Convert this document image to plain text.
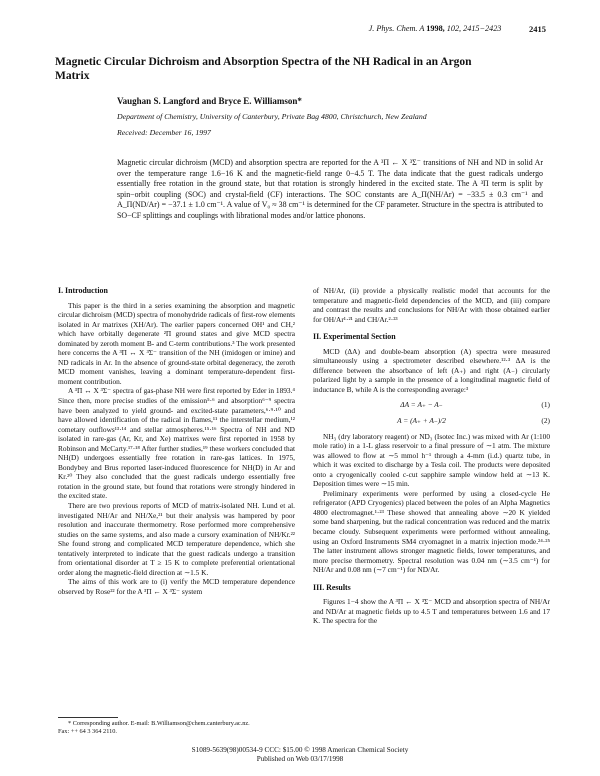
J. Phys. Chem. A 1998, 102, 2415−2423	2415
Magnetic Circular Dichroism and Absorption Spectra of the NH Radical in an Argon Matrix
Vaughan S. Langford and Bryce E. Williamson*
Department of Chemistry, University of Canterbury, Private Bag 4800, Christchurch, New Zealand
Received: December 16, 1997
Magnetic circular dichroism (MCD) and absorption spectra are reported for the A ³Π ← X ³Σ⁻ transitions of NH and ND in solid Ar over the temperature range 1.6−16 K and the magnetic-field range 0−4.5 T. The data indicate that the guest radicals undergo essentially free rotation in the ground state, but that rotation is strongly hindered in the excited state. The A ³Π term is split by spin−orbit coupling (SOC) and crystal-field (CF) interactions. The SOC constants are A_Π(NH/Ar) = −33.5 ± 0.3 cm⁻¹ and A_Π(ND/Ar) = −37.1 ± 1.0 cm⁻¹. A value of V₀ ≈ 38 cm⁻¹ is determined for the CF parameter. Structure in the spectra is attributed to SO−CF splittings and couplings with librational modes and/or lattice phonons.
I. Introduction

This paper is the third in a series examining the absorption and magnetic circular dichroism (MCD) spectra of monohydride radicals of first-row elements isolated in Ar matrixes (XH/Ar). The earlier papers concerned OH¹ and CH,² which have orbitally degenerate ²Π ground states and give MCD spectra dominated by zeroth moment B- and C-term contributions.³ The work presented here concerns the A ³Π ↔ X ³Σ⁻ transition of the NH (imidogen or imine) and ND radicals in Ar. In the absence of ground-state orbital degeneracy, the zeroth MCD moment vanishes, leaving a dominant temperature-dependent first-moment contribution.

A ³Π ↔ X ³Σ⁻ spectra of gas-phase NH were first reported by Eder in 1893.⁴ Since then, more precise studies of the emission⁵·⁶ and absorption⁶⁻⁹ spectra have been analyzed to yield ground- and excited-state parameters,⁶·⁹·¹⁰ and have allowed identification of the radical in flames,¹¹ the interstellar medium,¹² cometary outflows¹³·¹⁴ and stellar atmospheres.¹⁵·¹⁶ Spectra of NH and ND isolated in rare-gas (Ar, Kr, and Xe) matrixes were first reported in 1958 by Robinson and McCarty.¹⁷·¹⁸ After further studies,¹⁹ these workers concluded that NH(D) undergoes essentially free rotation in rare-gas lattices. In 1975, Bondybey and Brus reported laser-induced fluorescence for NH(D) in Ar and Kr.²⁰ They also concluded that the guest radicals undergo essentially free rotation in the ground state, but found that rotations were strongly hindered in the excited state.

There are two previous reports of MCD of matrix-isolated NH. Lund et al. investigated NH/Ar and NH/Xe,²¹ but their analysis was hampered by poor resolution and inaccurate thermometry. Rose performed more comprehensive studies on the same systems, and also made a cursory examination of NH/Kr.²² She found strong and complicated MCD temperature dependence, which she tentatively interpreted to indicate that the guest radicals undergo a transition from orientational disorder at T ≥ 15 K to complete preferential orientational order along the magnetic-field direction at ∼1.5 K.

The aims of this work are to (i) verify the MCD temperature dependence observed by Rose²² for the A ³Π ← X ³Σ⁻ system

of NH/Ar, (ii) provide a physically realistic model that accounts for the temperature and magnetic-field dependencies of the MCD, and (iii) compare and contrast the results and conclusions for NH/Ar with those obtained earlier for OH/Ar¹·²¹ and CH/Ar.²·²³

II. Experimental Section

MCD (ΔA) and double-beam absorption (A) spectra were measured simultaneously using a spectrometer described elsewhere.¹²·³ ΔA is the difference between the absorbance of left (A₊) and right (A₋) circularly polarized light by a sample in the presence of a longitudinal magnetic field of inductance B, while A is the corresponding average:³

ΔA = A₊ − A₋	(1)
A = (A₊ + A₋)/2	(2)

NH₃ (dry laboratory reagent) or ND₃ (Isotec Inc.) was mixed with Ar (1:100 mole ratio) in a 1-L glass reservoir to a final pressure of ∼1 atm. The mixture was allowed to flow at ∼5 mmol h⁻¹ through a 4-mm (i.d.) quartz tube, in which it was excited to discharge by a Tesla coil. The products were deposited onto a cryogenically cooled c-cut sapphire sample window held at ∼13 K. Deposition times were ∼15 min.

Preliminary experiments were performed by using a closed-cycle He refrigerator (APD Cryogenics) placed between the poles of an Alpha Magnetics 4800 electromagnet.¹·²³ These showed that annealing above ∼20 K yielded some band sharpening, but the radical concentration was reduced and the matrix became cloudy. Subsequent experiments were performed without annealing, using an Oxford Instruments SM4 cryomagnet in a matrix injection mode.²⁴·²⁵ The latter instrument allows stronger magnetic fields, lower temperatures, and more precise thermometry. Spectral resolution was 0.04 nm (∼3.5 cm⁻¹) for NH/Ar and 0.08 nm (∼7 cm⁻¹) for ND/Ar.

III. Results

Figures 1−4 show the A ³Π ← X ³Σ⁻ MCD and absorption spectra of NH/Ar and ND/Ar at magnetic fields up to 4.5 T and temperatures between 1.6 and 17 K. The spectra for the

* Corresponding author. E-mail: B.Williamson@chem.canterbury.ac.nz.
Fax: ++ 64 3 364 2110.
S1089-5639(98)00534-9 CCC: $15.00 © 1998 American Chemical Society
Published on Web 03/17/1998
